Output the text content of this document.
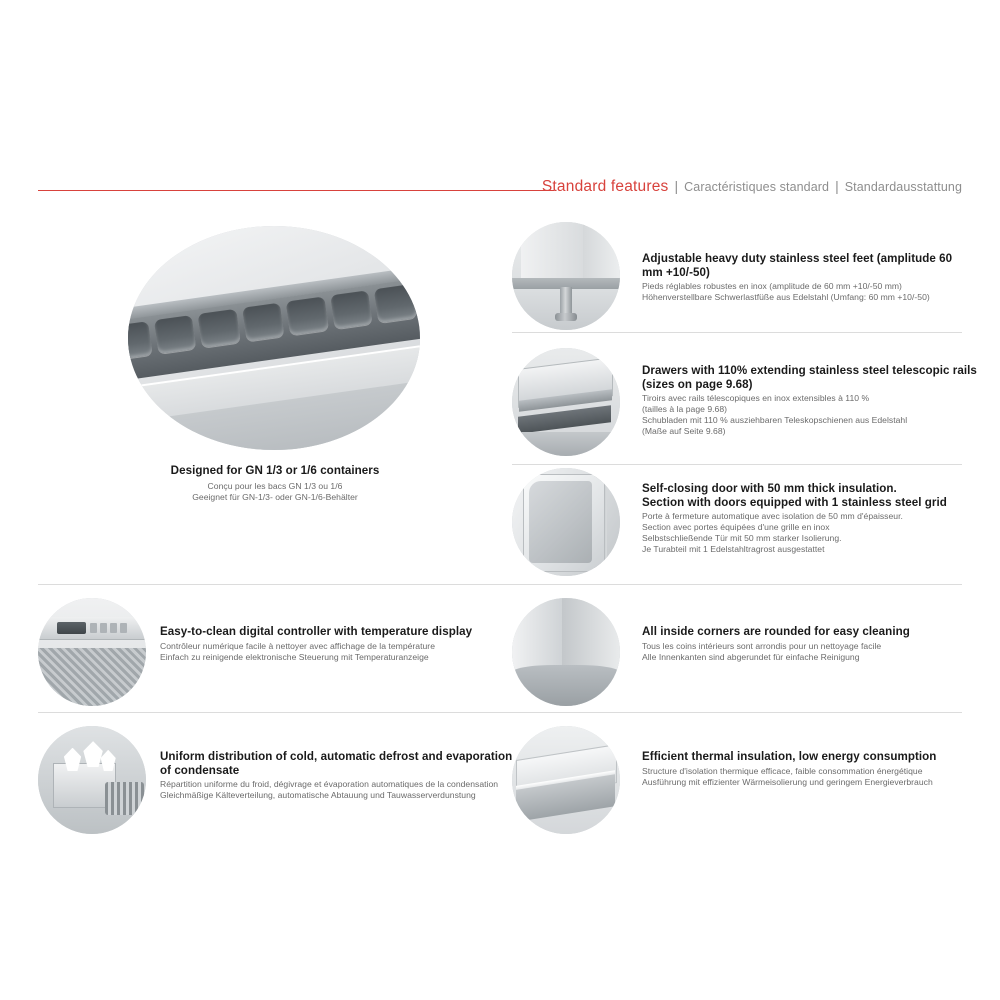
Standard features | Caractéristiques standard | Standardausstattung
Designed for GN 1/3 or 1/6 containers
Conçu pour les bacs GN 1/3 ou 1/6
Geeignet für GN-1/3- oder GN-1/6-Behälter
Adjustable heavy duty stainless steel feet (amplitude 60 mm +10/-50)
Pieds réglables robustes en inox (amplitude de 60 mm +10/-50 mm)
Höhenverstellbare Schwerlastfüße aus Edelstahl (Umfang: 60 mm +10/-50)
Drawers with 110% extending stainless steel telescopic rails
(sizes on page 9.68)
Tiroirs avec rails télescopiques en inox extensibles à 110 %
(tailles à la page 9.68)
Schubladen mit 110 % ausziehbaren Teleskopschienen aus Edelstahl
(Maße auf Seite 9.68)
Self-closing door with 50 mm thick insulation.
Section with doors equipped with 1 stainless steel grid
Porte à fermeture automatique avec isolation de 50 mm d'épaisseur.
Section avec portes équipées d'une grille en inox
Selbstschließende Tür mit 50 mm starker Isolierung.
Je Turabteil mit 1 Edelstahltragrost ausgestattet
Easy-to-clean digital controller with temperature display
Contrôleur numérique facile à nettoyer avec affichage de la température
Einfach zu reinigende elektronische Steuerung mit Temperaturanzeige
All inside corners are rounded for easy cleaning
Tous les coins intérieurs sont arrondis pour un nettoyage facile
Alle Innenkanten sind abgerundet für einfache Reinigung
Uniform distribution of cold, automatic defrost and evaporation of condensate
Répartition uniforme du froid, dégivrage et évaporation automatiques de la condensation
Gleichmäßige Kälteverteilung, automatische Abtauung und Tauwasserverdunstung
Efficient thermal insulation, low energy consumption
Structure d'isolation thermique efficace, faible consommation énergétique
Ausführung mit effizienter Wärmeisolierung und geringem Energieverbrauch
